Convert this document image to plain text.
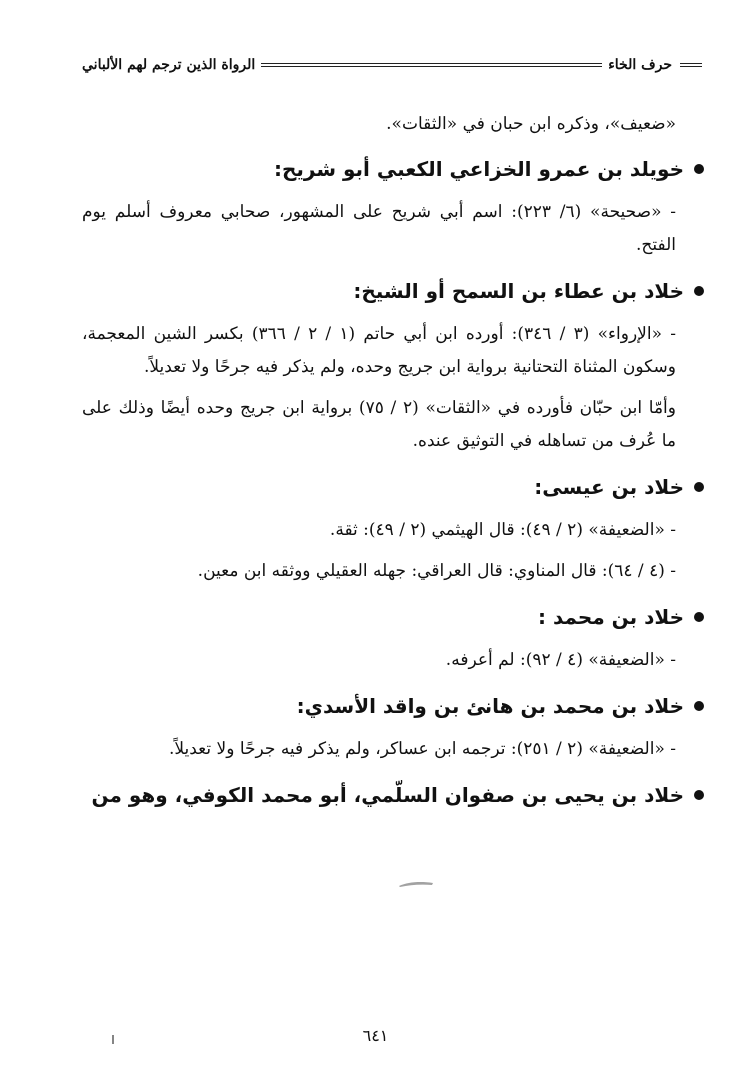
حرف الخاء
الرواة الذين ترجم لهم الألباني

«ضعيف»، وذكره ابن حبان في «الثقات».

خويلد بن عمرو الخزاعي الكعبي أبو شريح:

- «صحيحة» (٦/ ٢٢٣): اسم أبي شريح على المشهور، صحابي معروف أسلم يوم الفتح.

خلاد بن عطاء بن السمح أو الشيخ:

- «الإرواء» (٣ / ٣٤٦): أورده ابن أبي حاتم (١ / ٢ / ٣٦٦) بكسر الشين المعجمة، وسكون المثناة التحتانية برواية ابن جريج وحده، ولم يذكر فيه جرحًا ولا تعديلاً.

وأمّا ابن حبّان فأورده في «الثقات» (٢ / ٧٥) برواية ابن جريج وحده أيضًا وذلك على ما عُرف من تساهله في التوثيق عنده.

خلاد بن عيسى:

- «الضعيفة» (٢ / ٤٩): قال الهيثمي (٢ / ٤٩): ثقة.

- (٤ / ٦٤): قال المناوي: قال العراقي: جهله العقيلي ووثقه ابن معين.

خلاد بن محمد :

- «الضعيفة» (٤ / ٩٢): لم أعرفه.

خلاد بن محمد بن هانئ بن واقد الأسدي:

- «الضعيفة» (٢ / ٢٥١): ترجمه ابن عساكر، ولم يذكر فيه جرحًا ولا تعديلاً.

خلاد بن يحيى بن صفوان السلّمي، أبو محمد الكوفي، وهو من
٦٤١
